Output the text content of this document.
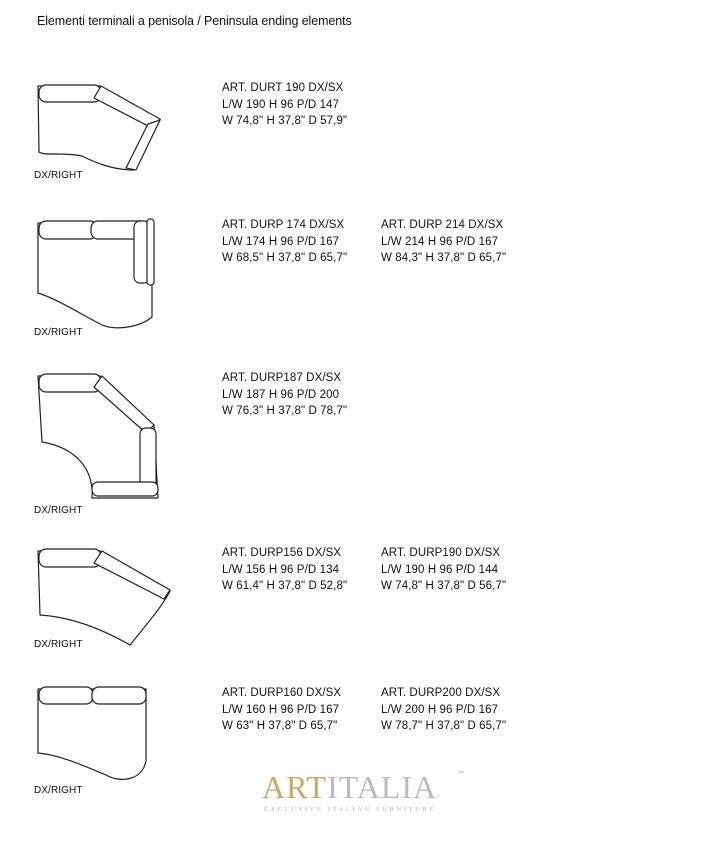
Elementi terminali a penisola / Peninsula ending elements
DX/RIGHT
ART. DURT 190 DX/SX
L/W 190 H 96 P/D 147
W 74,8" H 37,8" D 57,9"
DX/RIGHT
ART. DURP 174 DX/SX
L/W 174 H 96 P/D 167
W 68,5" H 37,8" D 65,7"
ART. DURP 214 DX/SX
L/W 214 H 96 P/D 167
W 84,3" H 37,8" D 65,7"
DX/RIGHT
ART. DURP187 DX/SX
L/W 187 H 96 P/D 200
W 76,3" H 37,8" D 78,7"
DX/RIGHT
ART. DURP156 DX/SX
L/W 156 H 96 P/D 134
W 61,4" H 37,8" D 52,8"
ART. DURP190 DX/SX
L/W 190 H 96 P/D 144
W 74,8" H 37,8" D 56,7"
DX/RIGHT
ART. DURP160 DX/SX
L/W 160 H 96 P/D 167
W 63" H 37,8" D 65,7"
ART. DURP200 DX/SX
L/W 200 H 96 P/D 167
W 78,7" H 37,8" D 65,7"
ARTITALIA	™
EXCLUSIVE ITALIAN FURNITURE
